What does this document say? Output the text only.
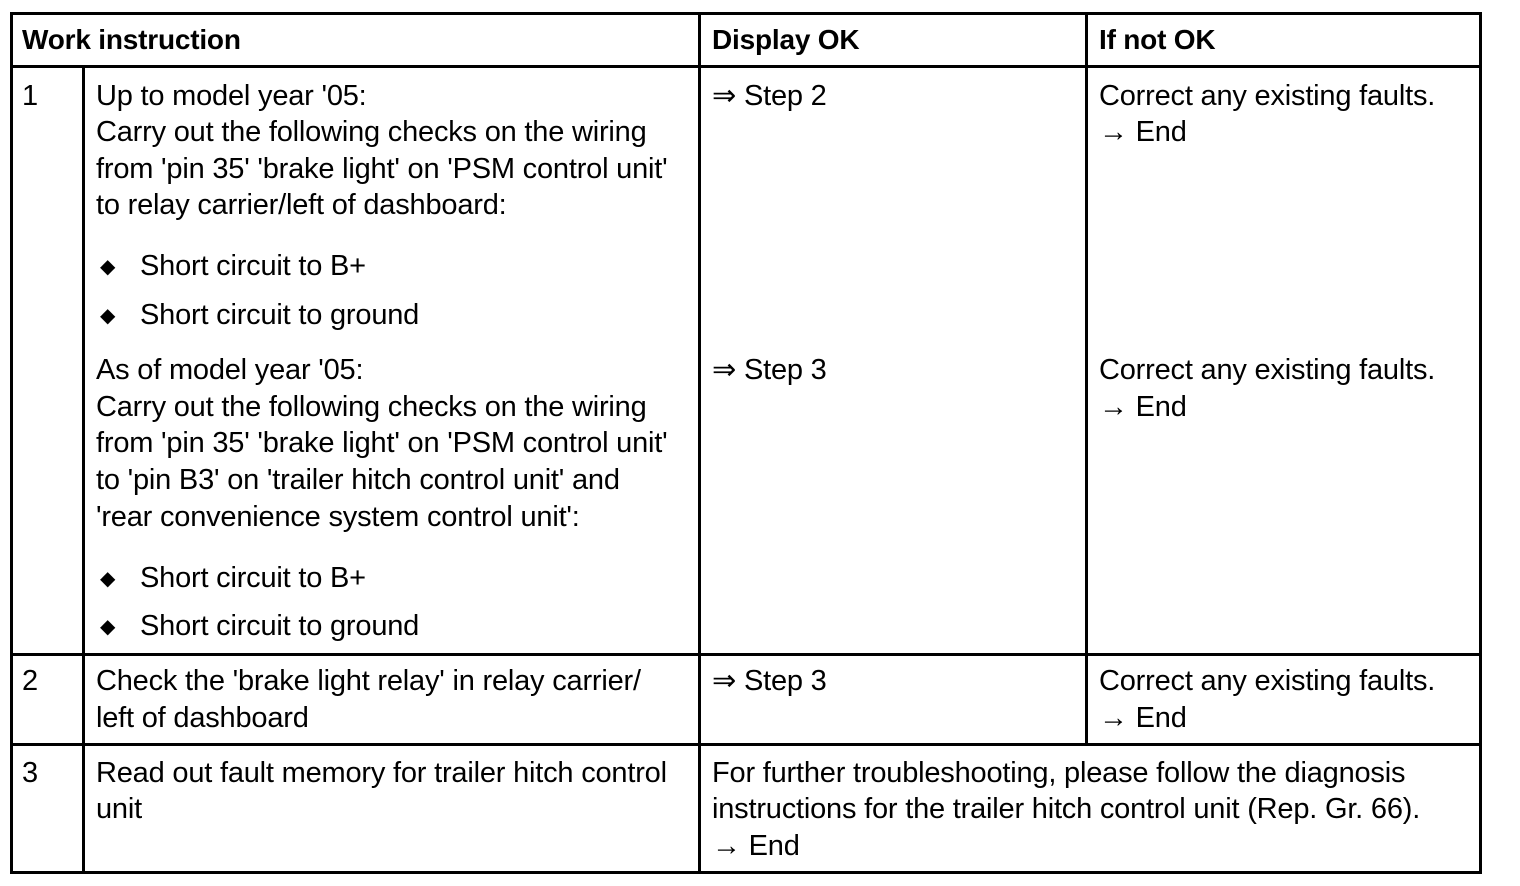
Work instruction	Display OK	If not OK
1 Up to model year '05:
Carry out the following checks on the wiring
from 'pin 35' 'brake light' on 'PSM control unit'
to relay carrier/left of dashboard:
◆ Short circuit to B+
◆ Short circuit to ground
⇒ Step 2	Correct any existing faults.
→ End
As of model year '05:
Carry out the following checks on the wiring
from 'pin 35' 'brake light' on 'PSM control unit'
to 'pin B3' on 'trailer hitch control unit' and
'rear convenience system control unit':
◆ Short circuit to B+
◆ Short circuit to ground
⇒ Step 3	Correct any existing faults.
→ End
2 Check the 'brake light relay' in relay carrier/
left of dashboard
⇒ Step 3	Correct any existing faults.
→ End
3 Read out fault memory for trailer hitch control
unit
For further troubleshooting, please follow the diagnosis
instructions for the trailer hitch control unit (Rep. Gr. 66).
→ End
